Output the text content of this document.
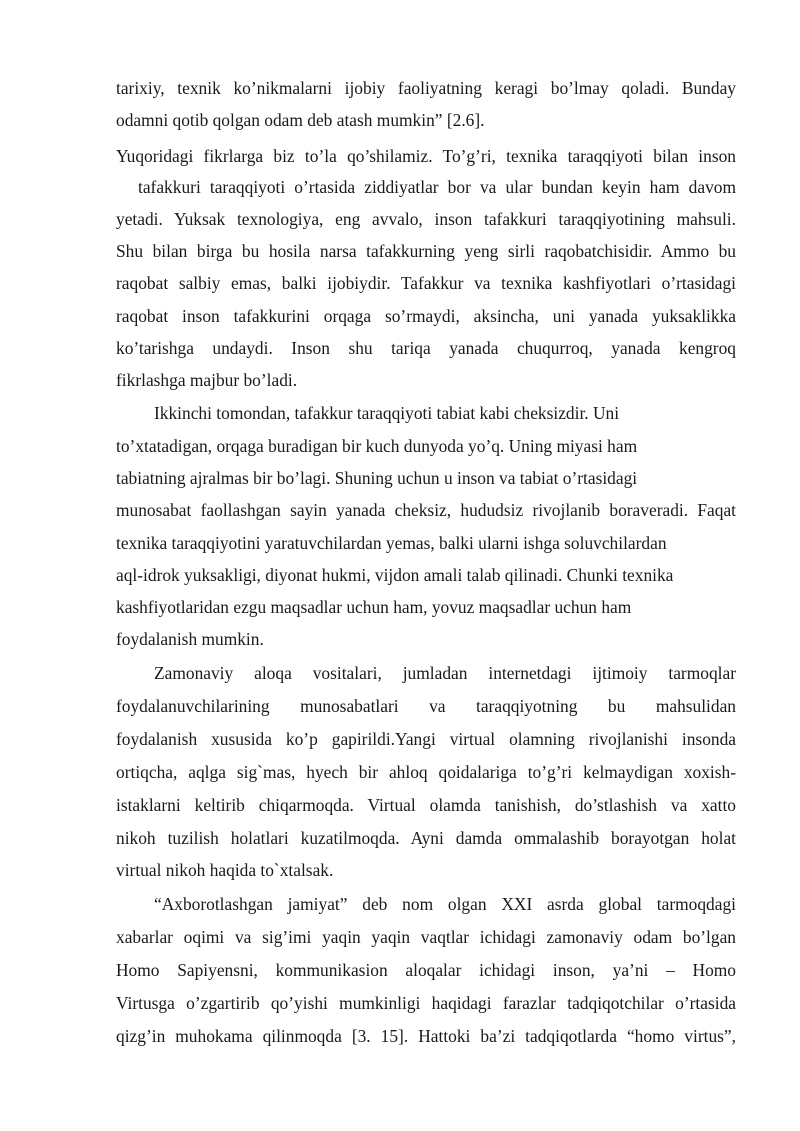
tarixiy, texnik ko’nikmalarni ijobiy faoliyatning keragi bo’lmay qoladi. Bunday
odamni qotib qolgan odam deb atash mumkin” [2.6].
Yuqoridagi fikrlarga biz to’la qo’shilamiz. To’g’ri, texnika taraqqiyoti bilan inson
tafakkuri taraqqiyoti o’rtasida ziddiyatlar bor va ular bundan keyin ham davom
yetadi. Yuksak texnologiya, eng avvalo, inson tafakkuri taraqqiyotining mahsuli.
Shu bilan birga bu hosila narsa tafakkurning yeng sirli raqobatchisidir. Ammo bu
raqobat salbiy emas, balki ijobiydir. Tafakkur va texnika kashfiyotlari o’rtasidagi
raqobat inson tafakkurini orqaga so’rmaydi, aksincha, uni yanada yuksaklikka
ko’tarishga undaydi. Inson shu tariqa yanada chuqurroq, yanada kengroq
fikrlashga majbur bo’ladi.
Ikkinchi tomondan, tafakkur taraqqiyoti tabiat kabi cheksizdir. Uni
to’xtatadigan, orqaga buradigan bir kuch dunyoda yo’q. Uning miyasi ham
tabiatning ajralmas bir bo’lagi. Shuning uchun u inson va tabiat o’rtasidagi
munosabat faollashgan sayin yanada cheksiz, hududsiz rivojlanib boraveradi. Faqat
texnika taraqqiyotini yaratuvchilardan yemas, balki ularni ishga soluvchilardan
aql-idrok yuksakligi, diyonat hukmi, vijdon amali talab qilinadi. Chunki texnika
kashfiyotlaridan ezgu maqsadlar uchun ham, yovuz maqsadlar uchun ham
foydalanish mumkin.
Zamonaviy aloqa vositalari, jumladan internetdagi ijtimoiy tarmoqlar
foydalanuvchilarining munosabatlari va taraqqiyotning bu mahsulidan
foydalanish xususida ko’p gapirildi.Yangi virtual olamning rivojlanishi insonda
ortiqcha, aqlga sig`mas, hyech bir ahloq qoidalariga to’g’ri kelmaydigan xoxish-
istaklarni keltirib chiqarmoqda. Virtual olamda tanishish, do’stlashish va xatto
nikoh tuzilish holatlari kuzatilmoqda. Ayni damda ommalashib borayotgan holat
virtual nikoh haqida to`xtalsak.
“Axborotlashgan jamiyat” deb nom olgan XXI asrda global tarmoqdagi
xabarlar oqimi va sig’imi yaqin yaqin vaqtlar ichidagi zamonaviy odam bo’lgan
Homo Sapiyensni, kommunikasion aloqalar ichidagi inson, ya’ni – Homo
Virtusga o’zgartirib qo’yishi mumkinligi haqidagi farazlar tadqiqotchilar o’rtasida
qizg’in muhokama qilinmoqda [3. 15]. Hattoki ba’zi tadqiqotlarda “homo virtus”,
